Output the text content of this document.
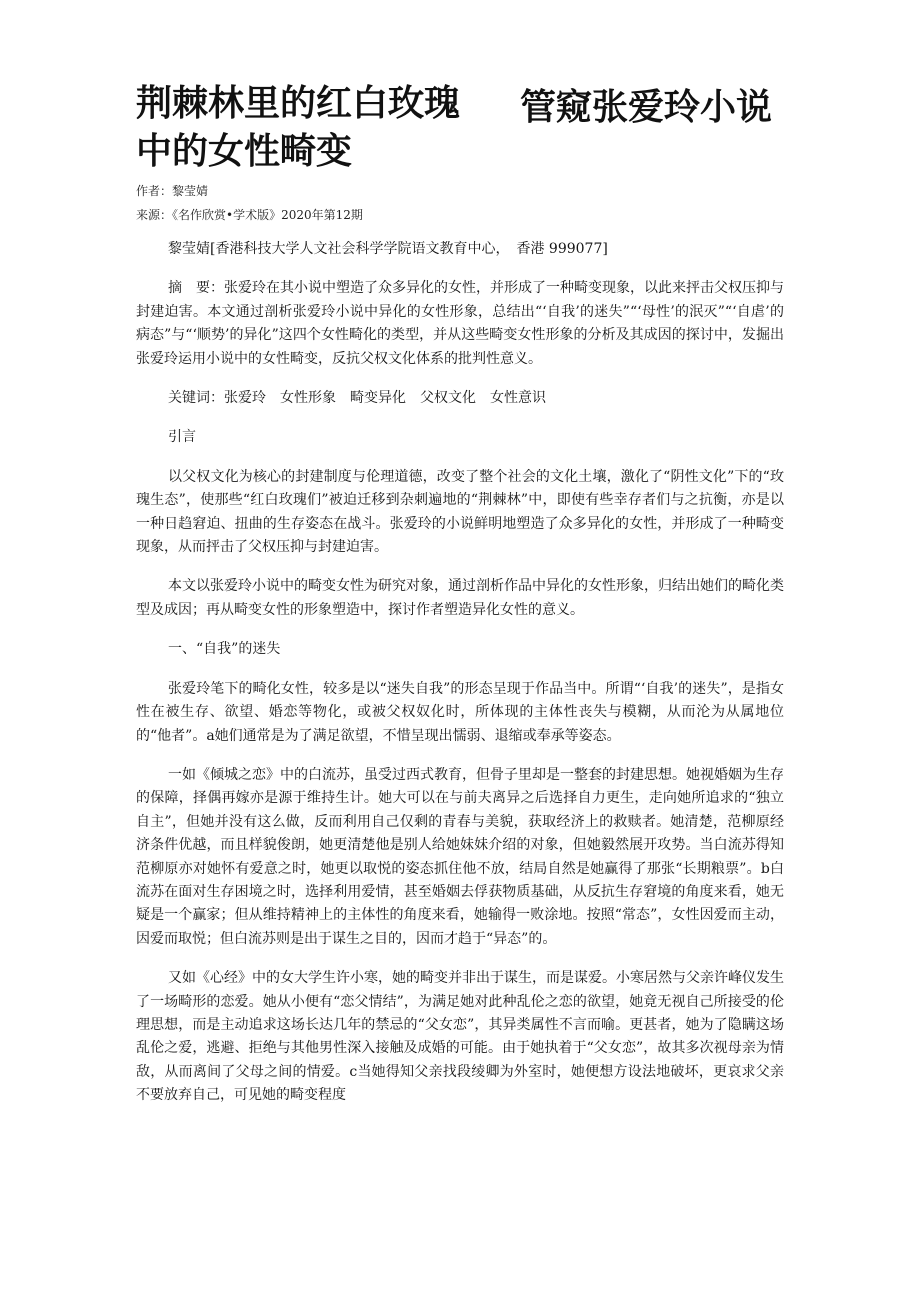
荆棘林里的红白玫瑰中的女性畸变
管窥张爱玲小说
作者：黎莹婧
来源：《名作欣赏•学术版》2020年第12期

黎莹婧[香港科技大学人文社会科学学院语文教育中心，　香港 999077]

摘　要：张爱玲在其小说中塑造了众多异化的女性，并形成了一种畸变现象，以此来抨击父权压抑与封建迫害。本文通过剖析张爱玲小说中异化的女性形象，总结出“‘自我’的迷失”“‘母性’的泯灭”“‘自虐’的病态”与“‘顺势’的异化”这四个女性畸化的类型，并从这些畸变女性形象的分析及其成因的探讨中，发掘出张爱玲运用小说中的女性畸变，反抗父权文化体系的批判性意义。

关键词：张爱玲　女性形象　畸变异化　父权文化　女性意识

引言

以父权文化为核心的封建制度与伦理道德，改变了整个社会的文化土壤，激化了“阴性文化”下的“玫瑰生态”，使那些“红白玫瑰们”被迫迁移到杂刺遍地的“荆棘林”中，即使有些幸存者们与之抗衡，亦是以一种日趋窘迫、扭曲的生存姿态在战斗。张爱玲的小说鲜明地塑造了众多异化的女性，并形成了一种畸变现象，从而抨击了父权压抑与封建迫害。

本文以张爱玲小说中的畸变女性为研究对象，通过剖析作品中异化的女性形象，归结出她们的畸化类型及成因；再从畸变女性的形象塑造中，探讨作者塑造异化女性的意义。

一、“自我”的迷失

张爱玲笔下的畸化女性，较多是以“迷失自我”的形态呈现于作品当中。所谓“‘自我’的迷失”，是指女性在被生存、欲望、婚恋等物化，或被父权奴化时，所体现的主体性丧失与模糊，从而沦为从属地位的“他者”。a她们通常是为了满足欲望，不惜呈现出懦弱、退缩或奉承等姿态。

一如《倾城之恋》中的白流苏，虽受过西式教育，但骨子里却是一整套的封建思想。她视婚姻为生存的保障，择偶再嫁亦是源于维持生计。她大可以在与前夫离异之后选择自力更生，走向她所追求的“独立自主”，但她并没有这么做，反而利用自己仅剩的青春与美貌，获取经济上的救赎者。她清楚，范柳原经济条件优越，而且样貌俊朗，她更清楚他是别人给她妹妹介绍的对象，但她毅然展开攻势。当白流苏得知范柳原亦对她怀有爱意之时，她更以取悦的姿态抓住他不放，结局自然是她赢得了那张“长期粮票”。b白流苏在面对生存困境之时，选择利用爱情，甚至婚姻去俘获物质基础，从反抗生存窘境的角度来看，她无疑是一个赢家；但从维持精神上的主体性的角度来看，她输得一败涂地。按照“常态”，女性因爱而主动，因爱而取悦；但白流苏则是出于谋生之目的，因而才趋于“异态”的。

又如《心经》中的女大学生许小寒，她的畸变并非出于谋生，而是谋爱。小寒居然与父亲许峰仪发生了一场畸形的恋爱。她从小便有“恋父情结”，为满足她对此种乱伦之恋的欲望，她竟无视自己所接受的伦理思想，而是主动追求这场长达几年的禁忌的“父女恋”，其异类属性不言而喻。更甚者，她为了隐瞒这场乱伦之爱，逃避、拒绝与其他男性深入接触及成婚的可能。由于她执着于“父女恋”，故其多次视母亲为情敌，从而离间了父母之间的情爱。c当她得知父亲找段绫卿为外室时，她便想方设法地破坏，更哀求父亲不要放弃自己，可见她的畸变程度
